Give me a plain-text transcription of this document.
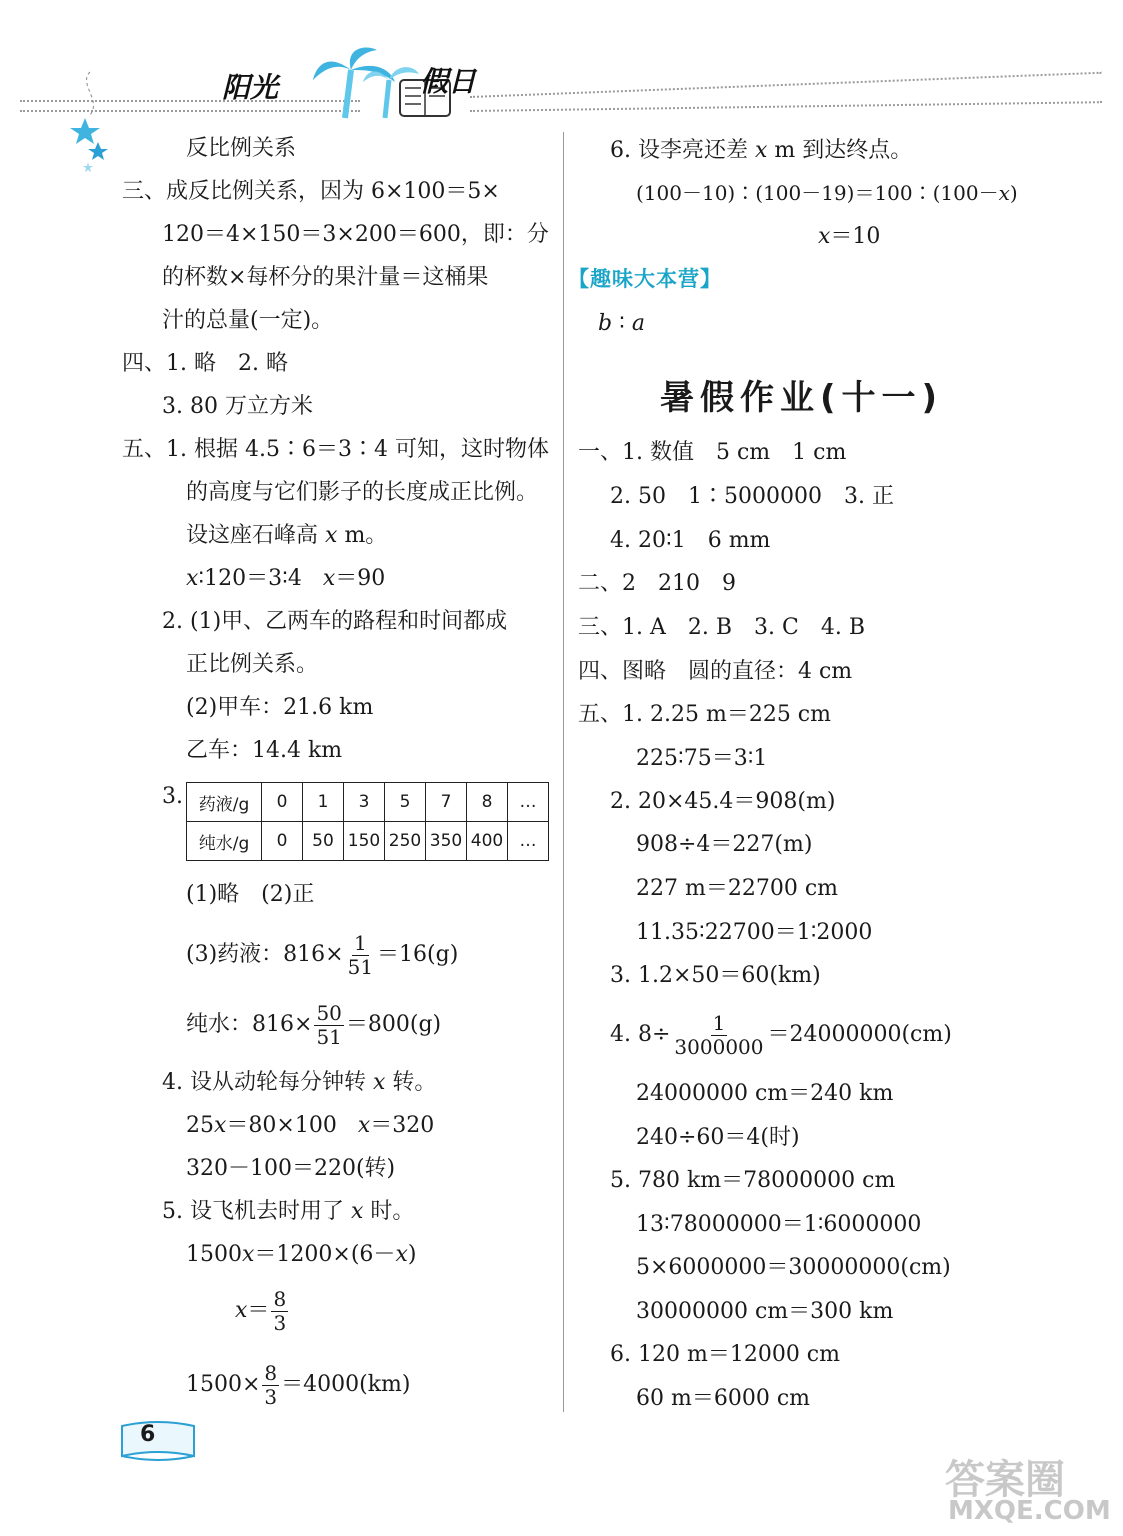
阳光	假日
反比例关系
三、成反比例关系，因为 6×100＝5×
120＝4×150＝3×200＝600，即：分
的杯数×每杯分的果汁量＝这桶果
汁的总量(一定)。
四、1. 略　2. 略
3. 80 万立方米
五、1. 根据 4.5∶6＝3∶4 可知，这时物体
的高度与它们影子的长度成正比例。
设这座石峰高 x m。
x∶120＝3∶4 x＝90
2. (1)甲、乙两车的路程和时间都成
正比例关系。
(2)甲车：21.6 km
乙车：14.4 km
3. 药液/g	0	1	3	5	7	8	…
纯水/g	0	50	150	250	350	400	…
(1)略　(2)正
(3)药液：$816\times \frac{1}{51} =16(g)$
纯水：$816\times \frac{50}{51} =800(g)$
4. 设从动轮每分钟转 x 转。
25x＝80×100 x＝320
320－100＝220(转)
5. 设飞机去时用了 x 时。
1500x＝1200×(6－x)
$x= \frac{8}{3}$
$1500\times \frac{8}{3} =4000(km)$
6. 设李亮还差 x m 到达终点。
(100－10)∶(100－19)＝100∶(100－x)
x＝10
【趣味大本营】
b ∶ a
暑假作业(十一)
一、1. 数值　5 cm　1 cm
2. 50　1∶5000000　3. 正
4. 20∶1　6 mm
二、2　210　9
三、1. A　2. B　3. C　4. B
四、图略　圆的直径：4 cm
五、1. 2.25 m＝225 cm
225∶75＝3∶1
2. 20×45.4＝908(m)
908÷4＝227(m)
227 m＝22700 cm
11.35∶22700＝1∶2000
3. 1.2×50＝60(km)
4. $8\div \frac{1}{3000000} =24000000(cm)$
24000000 cm＝240 km
240÷60＝4(时)
5. 780 km＝78000000 cm
13∶78000000＝1∶6000000
5×6000000＝30000000(cm)
30000000 cm＝300 km
6. 120 m＝12000 cm
60 m＝6000 cm
6
答案圈
MXQE.COM
